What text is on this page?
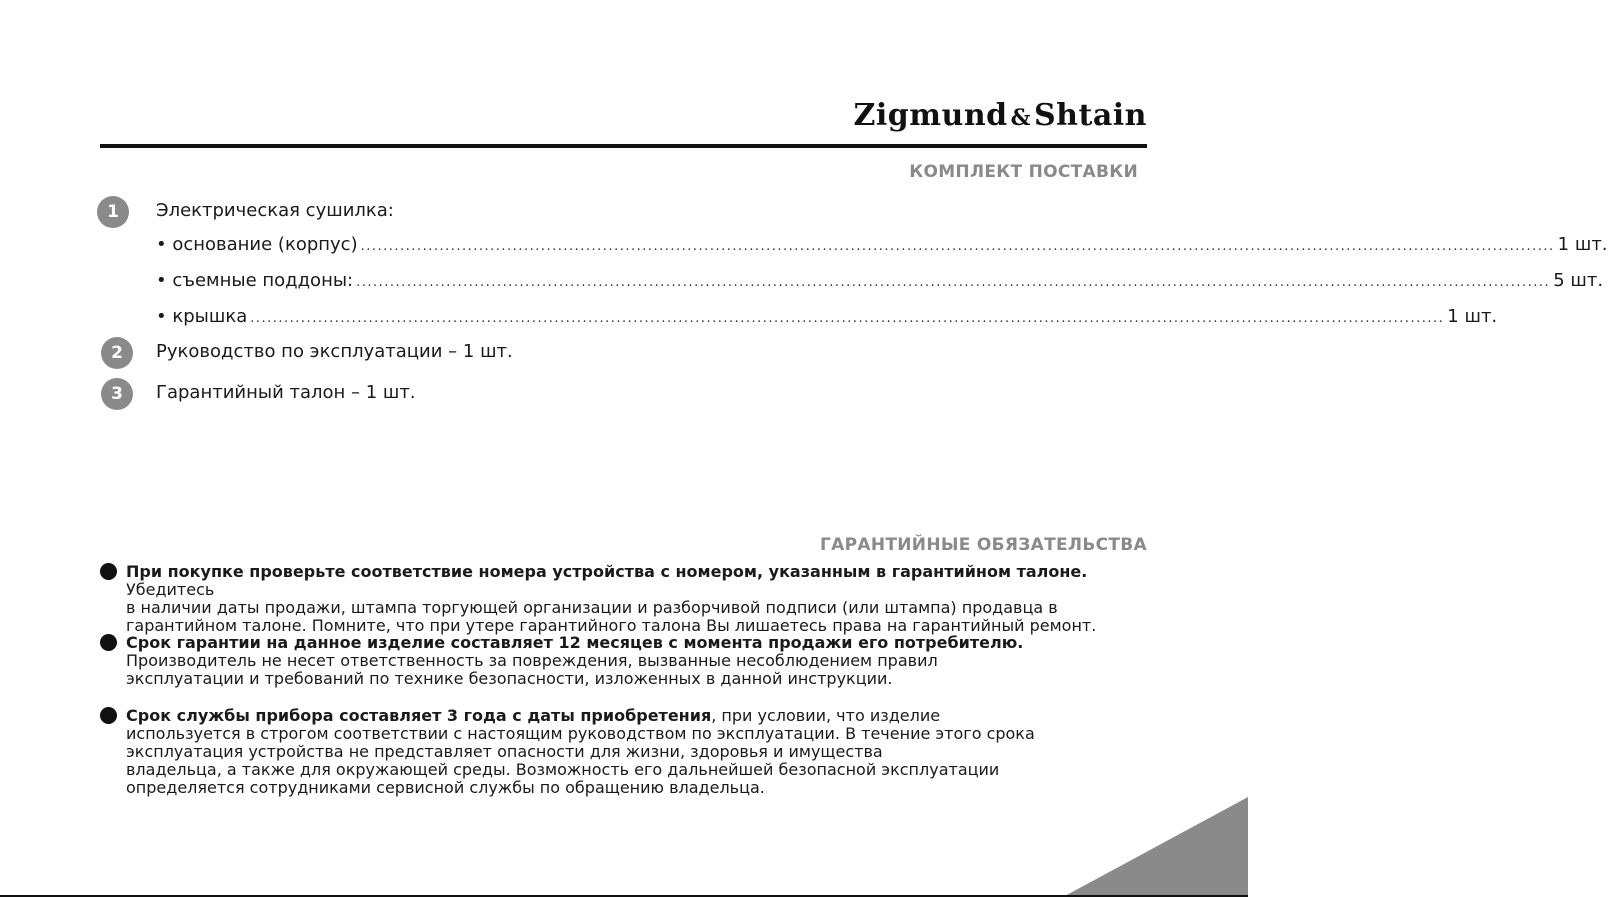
Zigmund & Shtain
КОМПЛЕКТ ПОСТАВКИ
1	Электрическая сушилка:
• основание (корпус) .................................................................................................................................................................................................................... 1 шт.
• съемные поддоны: .................................................................................................................................................................................................................... 5 шт.
• крышка .................................................................................................................................................................................................................... 1 шт.
2	Руководство по эксплуатации – 1 шт.
3	Гарантийный талон – 1 шт.
ГАРАНТИЙНЫЕ ОБЯЗАТЕЛЬСТВА
При покупке проверьте соответствие номера устройства с номером, указанным в гарантийном талоне. Убедитесь
в наличии даты продажи, штампа торгующей организации и разборчивой подписи (или штампа) продавца в
гарантийном талоне. Помните, что при утере гарантийного талона Вы лишаетесь права на гарантийный ремонт.
Срок гарантии на данное изделие составляет 12 месяцев с момента продажи его потребителю.
Производитель не несет ответственность за повреждения, вызванные несоблюдением правил
эксплуатации и требований по технике безопасности, изложенных в данной инструкции.
Срок службы прибора составляет 3 года с даты приобретения, при условии, что изделие
используется в строгом соответствии с настоящим руководством по эксплуатации. В течение этого срока
эксплуатация устройства не представляет опасности для жизни, здоровья и имущества
владельца, а также для окружающей среды. Возможность его дальнейшей безопасной эксплуатации
определяется сотрудниками сервисной службы по обращению владельца.
